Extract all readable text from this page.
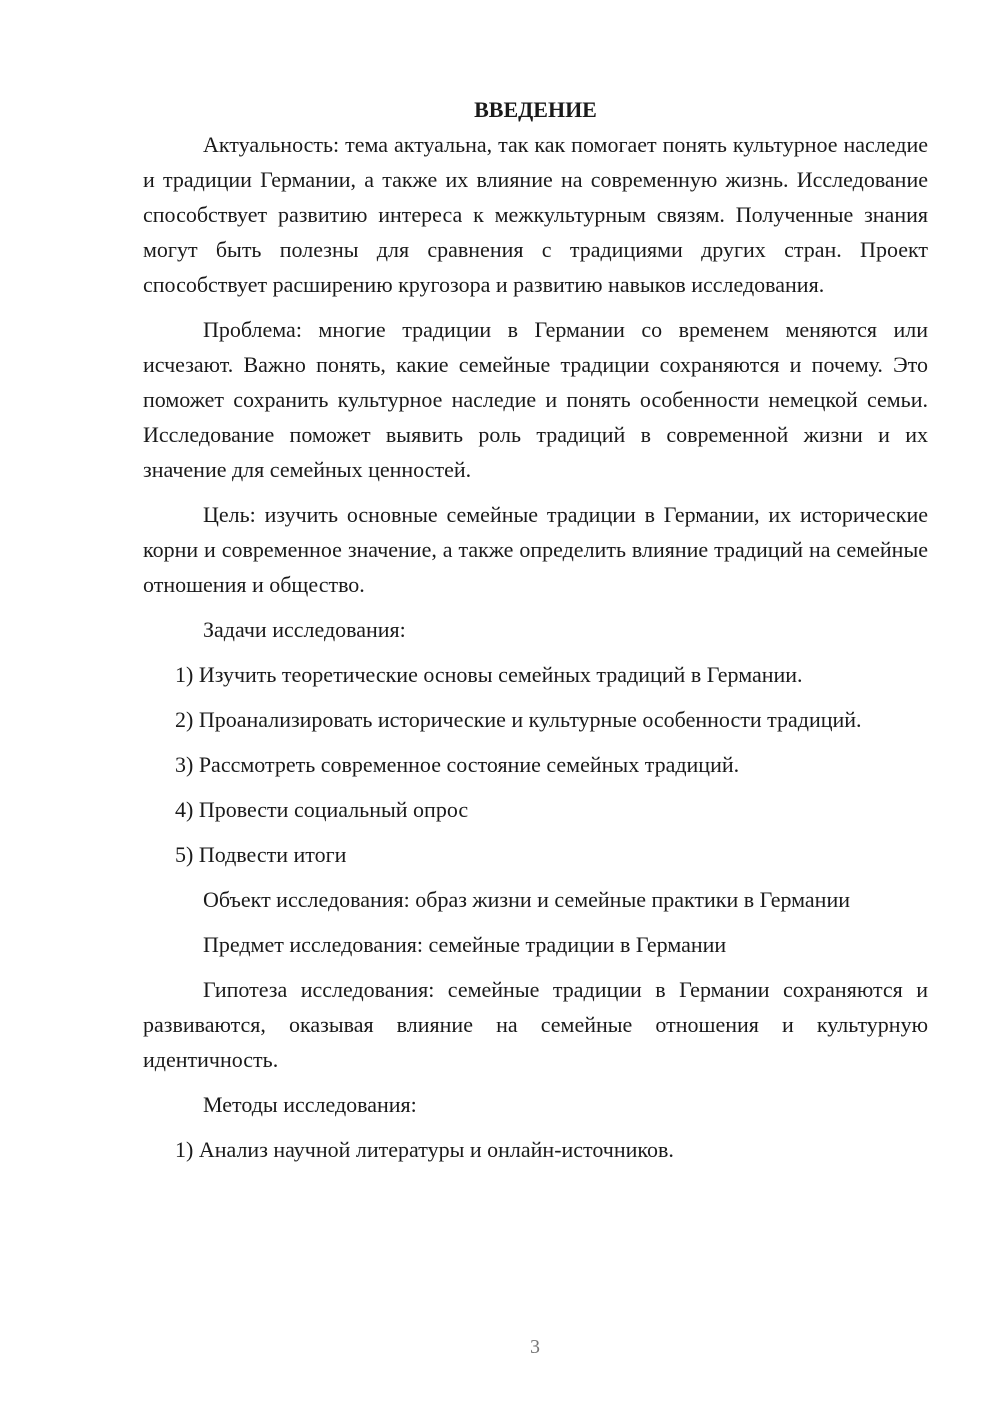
ВВЕДЕНИЕ

Актуальность: тема актуальна, так как помогает понять культурное наследие и традиции Германии, а также их влияние на современную жизнь. Исследование способствует развитию интереса к межкультурным связям. Полученные знания могут быть полезны для сравнения с традициями других стран. Проект способствует расширению кругозора и развитию навыков исследования.

Проблема: многие традиции в Германии со временем меняются или исчезают. Важно понять, какие семейные традиции сохраняются и почему. Это поможет сохранить культурное наследие и понять особенности немецкой семьи. Исследование поможет выявить роль традиций в современной жизни и их значение для семейных ценностей.

Цель: изучить основные семейные традиции в Германии, их исторические корни и современное значение, а также определить влияние традиций на семейные отношения и общество.

Задачи исследования:

1) Изучить теоретические основы семейных традиций в Германии.

2) Проанализировать исторические и культурные особенности традиций.

3) Рассмотреть современное состояние семейных традиций.

4) Провести социальный опрос

5) Подвести итоги

Объект исследования: образ жизни и семейные практики в Германии

Предмет исследования: семейные традиции в Германии

Гипотеза исследования: семейные традиции в Германии сохраняются и развиваются, оказывая влияние на семейные отношения и культурную идентичность.

Методы исследования:

1) Анализ научной литературы и онлайн-источников.

3
